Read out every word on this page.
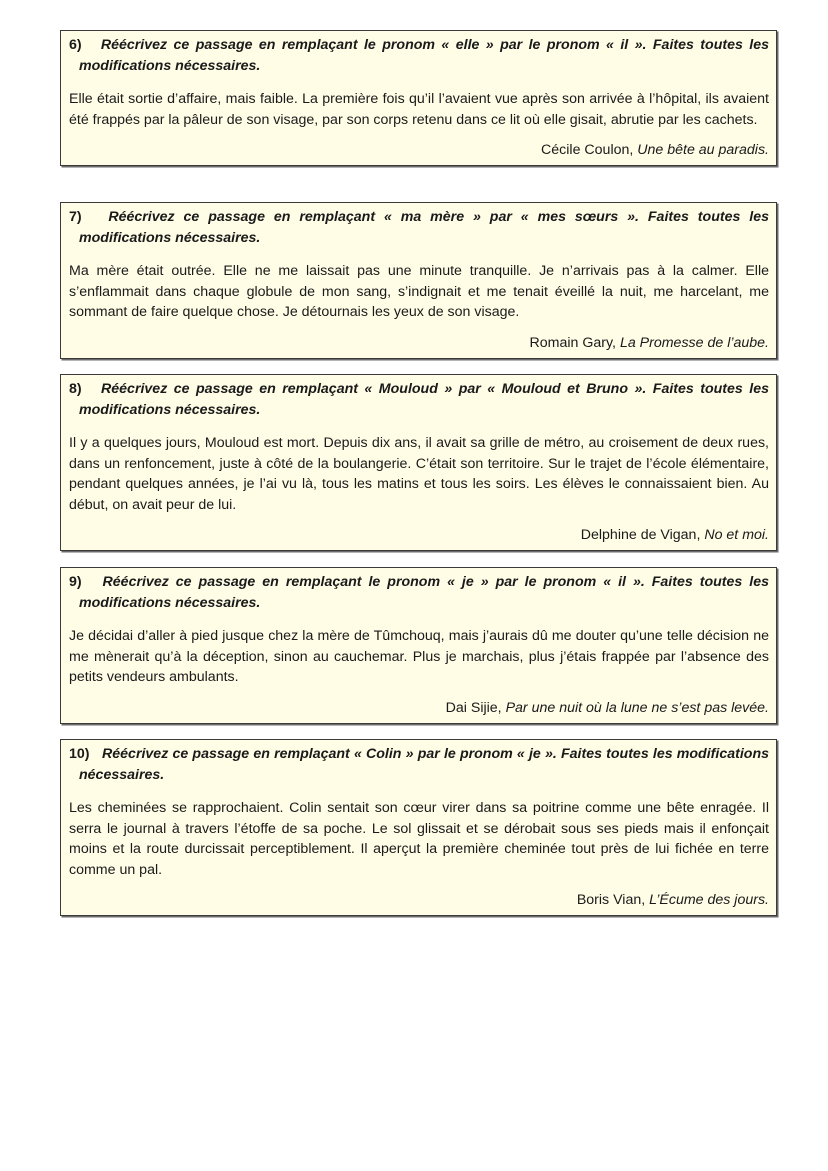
6) Réécrivez ce passage en remplaçant le pronom « elle » par le pronom « il ». Faites toutes les modifications nécessaires.

Elle était sortie d’affaire, mais faible. La première fois qu’il l’avaient vue après son arrivée à l’hôpital, ils avaient été frappés par la pâleur de son visage, par son corps retenu dans ce lit où elle gisait, abrutie par les cachets.

Cécile Coulon, Une bête au paradis.

7) Réécrivez ce passage en remplaçant « ma mère » par « mes sœurs ». Faites toutes les modifications nécessaires.

Ma mère était outrée. Elle ne me laissait pas une minute tranquille. Je n’arrivais pas à la calmer. Elle s’enflammait dans chaque globule de mon sang, s’indignait et me tenait éveillé la nuit, me harcelant, me sommant de faire quelque chose. Je détournais les yeux de son visage.

Romain Gary, La Promesse de l’aube.

8) Réécrivez ce passage en remplaçant « Mouloud » par « Mouloud et Bruno ». Faites toutes les modifications nécessaires.

Il y a quelques jours, Mouloud est mort. Depuis dix ans, il avait sa grille de métro, au croisement de deux rues, dans un renfoncement, juste à côté de la boulangerie. C’était son territoire. Sur le trajet de l’école élémentaire, pendant quelques années, je l’ai vu là, tous les matins et tous les soirs. Les élèves le connaissaient bien. Au début, on avait peur de lui.

Delphine de Vigan, No et moi.

9) Réécrivez ce passage en remplaçant le pronom « je » par le pronom « il ». Faites toutes les modifications nécessaires.

Je décidai d’aller à pied jusque chez la mère de Tûmchouq, mais j’aurais dû me douter qu’une telle décision ne me mènerait qu’à la déception, sinon au cauchemar. Plus je marchais, plus j’étais frappée par l’absence des petits vendeurs ambulants.

Dai Sijie, Par une nuit où la lune ne s’est pas levée.

10) Réécrivez ce passage en remplaçant « Colin » par le pronom « je ». Faites toutes les modifications nécessaires.

Les cheminées se rapprochaient. Colin sentait son cœur virer dans sa poitrine comme une bête enragée. Il serra le journal à travers l’étoffe de sa poche. Le sol glissait et se dérobait sous ses pieds mais il enfonçait moins et la route durcissait perceptiblement. Il aperçut la première cheminée tout près de lui fichée en terre comme un pal.

Boris Vian, L’Écume des jours.
